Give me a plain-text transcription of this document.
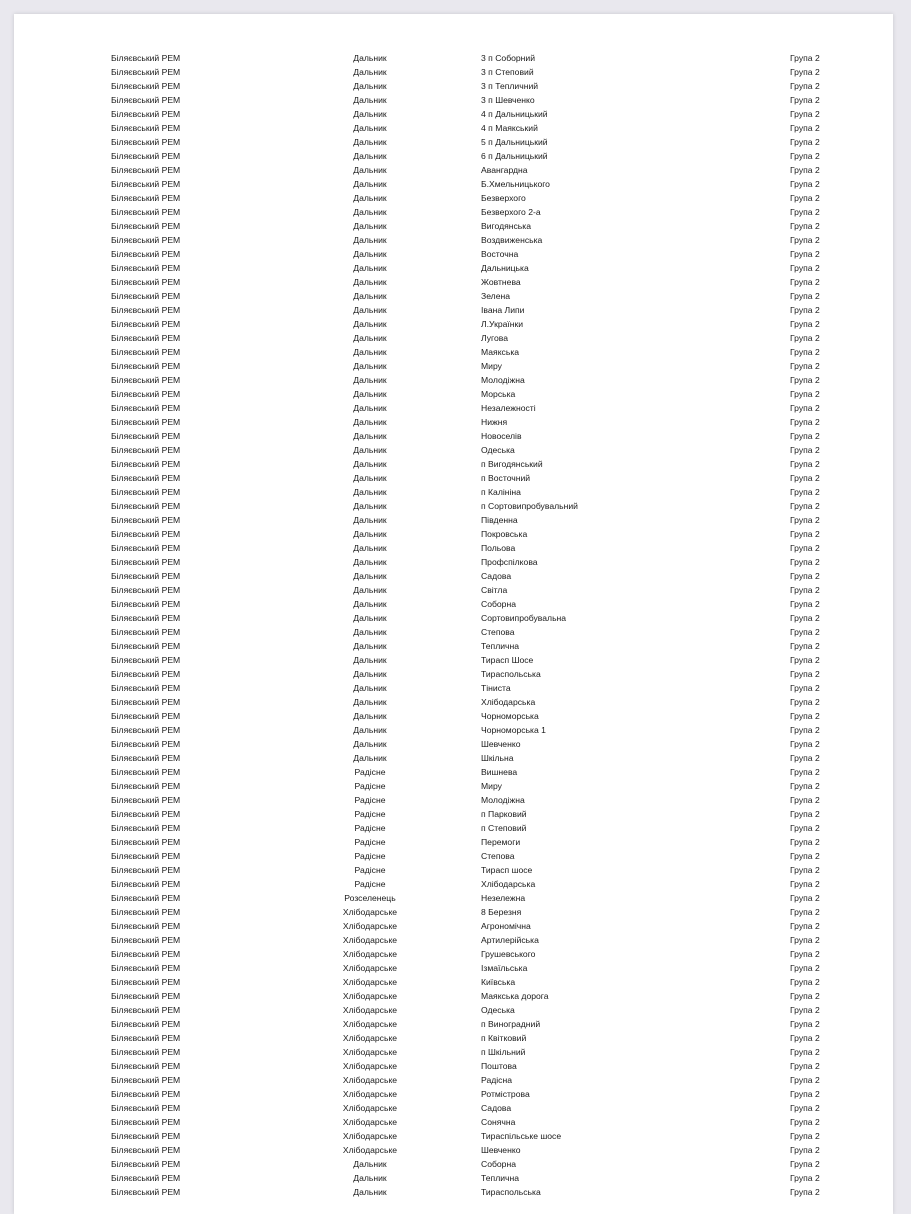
Біляєвський РЕМ	Дальник	3 п Соборний	Група 2
Біляєвський РЕМ	Дальник	3 п Степовий	Група 2
Біляєвський РЕМ	Дальник	3 п Тепличний	Група 2
Біляєвський РЕМ	Дальник	3 п Шевченко	Група 2
Біляєвський РЕМ	Дальник	4 п Дальницький	Група 2
Біляєвський РЕМ	Дальник	4 п Маякський	Група 2
Біляєвський РЕМ	Дальник	5 п Дальницький	Група 2
Біляєвський РЕМ	Дальник	6 п Дальницький	Група 2
Біляєвський РЕМ	Дальник	Авангардна	Група 2
Біляєвський РЕМ	Дальник	Б.Хмельницького	Група 2
Біляєвський РЕМ	Дальник	Безверхого	Група 2
Біляєвський РЕМ	Дальник	Безверхого 2-а	Група 2
Біляєвський РЕМ	Дальник	Вигодянська	Група 2
Біляєвський РЕМ	Дальник	Воздвиженська	Група 2
Біляєвський РЕМ	Дальник	Восточна	Група 2
Біляєвський РЕМ	Дальник	Дальницька	Група 2
Біляєвський РЕМ	Дальник	Жовтнева	Група 2
Біляєвський РЕМ	Дальник	Зелена	Група 2
Біляєвський РЕМ	Дальник	Івана Липи	Група 2
Біляєвський РЕМ	Дальник	Л.Українки	Група 2
Біляєвський РЕМ	Дальник	Лугова	Група 2
Біляєвський РЕМ	Дальник	Маякська	Група 2
Біляєвський РЕМ	Дальник	Миру	Група 2
Біляєвський РЕМ	Дальник	Молодіжна	Група 2
Біляєвський РЕМ	Дальник	Морська	Група 2
Біляєвський РЕМ	Дальник	Незалежності	Група 2
Біляєвський РЕМ	Дальник	Нижня	Група 2
Біляєвський РЕМ	Дальник	Новоселів	Група 2
Біляєвський РЕМ	Дальник	Одеська	Група 2
Біляєвський РЕМ	Дальник	п Вигодянський	Група 2
Біляєвський РЕМ	Дальник	п Восточний	Група 2
Біляєвський РЕМ	Дальник	п Калініна	Група 2
Біляєвський РЕМ	Дальник	п Сортовипробувальний	Група 2
Біляєвський РЕМ	Дальник	Південна	Група 2
Біляєвський РЕМ	Дальник	Покровська	Група 2
Біляєвський РЕМ	Дальник	Польова	Група 2
Біляєвський РЕМ	Дальник	Профспілкова	Група 2
Біляєвський РЕМ	Дальник	Садова	Група 2
Біляєвський РЕМ	Дальник	Світла	Група 2
Біляєвський РЕМ	Дальник	Соборна	Група 2
Біляєвський РЕМ	Дальник	Сортовипробувальна	Група 2
Біляєвський РЕМ	Дальник	Степова	Група 2
Біляєвський РЕМ	Дальник	Теплична	Група 2
Біляєвський РЕМ	Дальник	Тирасп Шосе	Група 2
Біляєвський РЕМ	Дальник	Тираспольська	Група 2
Біляєвський РЕМ	Дальник	Тіниста	Група 2
Біляєвський РЕМ	Дальник	Хлібодарська	Група 2
Біляєвський РЕМ	Дальник	Чорноморська	Група 2
Біляєвський РЕМ	Дальник	Чорноморська 1	Група 2
Біляєвський РЕМ	Дальник	Шевченко	Група 2
Біляєвський РЕМ	Дальник	Шкільна	Група 2
Біляєвський РЕМ	Радісне	Вишнева	Група 2
Біляєвський РЕМ	Радісне	Миру	Група 2
Біляєвський РЕМ	Радісне	Молодіжна	Група 2
Біляєвський РЕМ	Радісне	п Парковий	Група 2
Біляєвський РЕМ	Радісне	п Степовий	Група 2
Біляєвський РЕМ	Радісне	Перемоги	Група 2
Біляєвський РЕМ	Радісне	Степова	Група 2
Біляєвський РЕМ	Радісне	Тирасп шосе	Група 2
Біляєвський РЕМ	Радісне	Хлібодарська	Група 2
Біляєвський РЕМ	Розселенець	Незележна	Група 2
Біляєвський РЕМ	Хлібодарське	8 Березня	Група 2
Біляєвський РЕМ	Хлібодарське	Агрономічна	Група 2
Біляєвський РЕМ	Хлібодарське	Артилерійська	Група 2
Біляєвський РЕМ	Хлібодарське	Грушевського	Група 2
Біляєвський РЕМ	Хлібодарське	Ізмаїльська	Група 2
Біляєвський РЕМ	Хлібодарське	Київська	Група 2
Біляєвський РЕМ	Хлібодарське	Маякська дорога	Група 2
Біляєвський РЕМ	Хлібодарське	Одеська	Група 2
Біляєвський РЕМ	Хлібодарське	п Виноградний	Група 2
Біляєвський РЕМ	Хлібодарське	п Квітковий	Група 2
Біляєвський РЕМ	Хлібодарське	п Шкільний	Група 2
Біляєвський РЕМ	Хлібодарське	Поштова	Група 2
Біляєвський РЕМ	Хлібодарське	Радісна	Група 2
Біляєвський РЕМ	Хлібодарське	Ротмістрова	Група 2
Біляєвський РЕМ	Хлібодарське	Садова	Група 2
Біляєвський РЕМ	Хлібодарське	Сонячна	Група 2
Біляєвський РЕМ	Хлібодарське	Тираспільське шосе	Група 2
Біляєвський РЕМ	Хлібодарське	Шевченко	Група 2
Біляєвський РЕМ	Дальник	Соборна	Група 2
Біляєвський РЕМ	Дальник	Теплична	Група 2
Біляєвський РЕМ	Дальник	Тираспольська	Група 2
